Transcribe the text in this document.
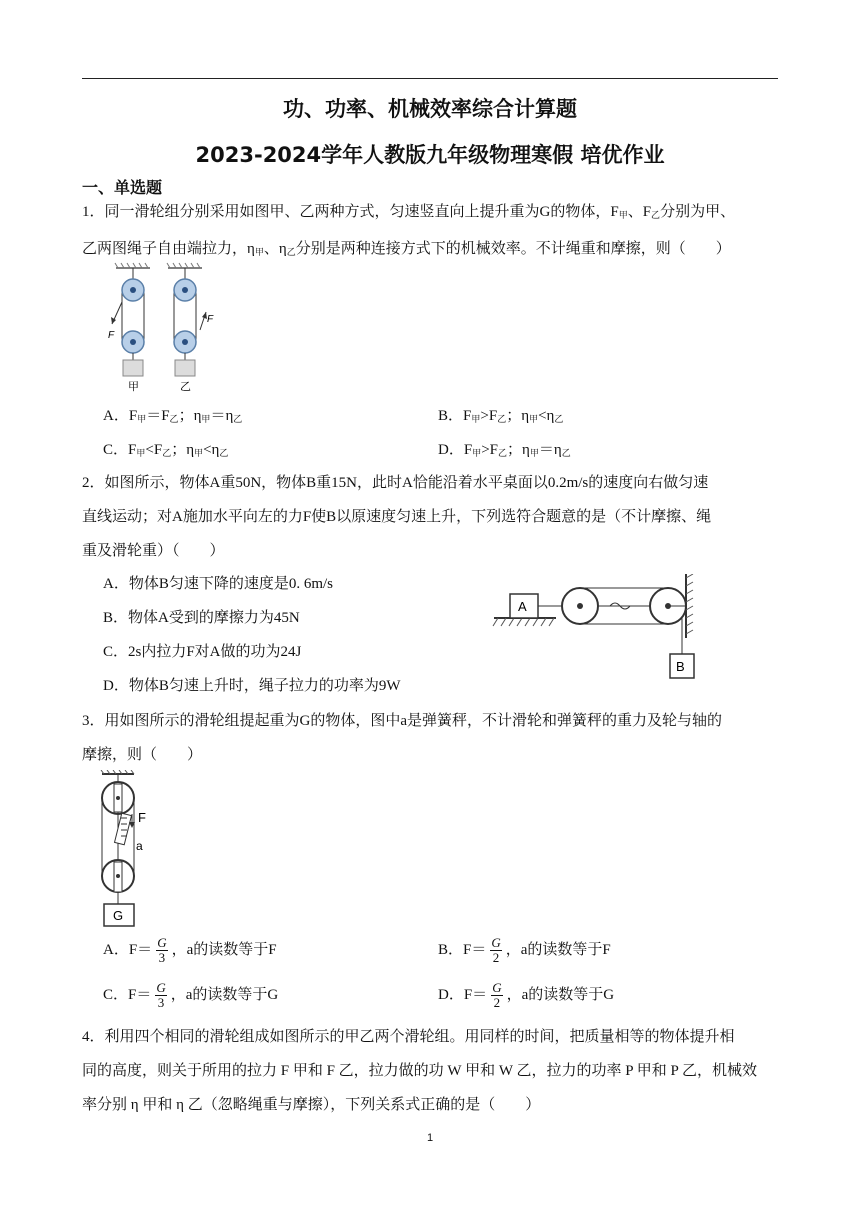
功、功率、机械效率综合计算题
2023-2024学年人教版九年级物理寒假 培优作业
一、单选题
1．同一滑轮组分别采用如图甲、乙两种方式，匀速竖直向上提升重为G的物体，$F_甲$、$F_乙$分别为甲、
乙两图绳子自由端拉力，$\eta_甲$、$\eta_乙$分别是两种连接方式下的机械效率。不计绳重和摩擦，则（　　）
F
F
甲	乙
A．$F_甲=F_乙$；$\eta_甲=\eta_乙$	B．$F_甲>F_乙$；$\eta_甲<\eta_乙$
C．$F_甲<F_乙$；$\eta_甲<\eta_乙$	D．$F_甲>F_乙$；$\eta_甲=\eta_乙$
2．如图所示，物体A重50N，物体B重15N，此时A恰能沿着水平桌面以0.2m/s的速度向右做匀速
直线运动；对A施加水平向左的力F使B以原速度匀速上升，下列选符合题意的是（不计摩擦、绳
重及滑轮重）（　　）
A．物体B匀速下降的速度是0. 6m/s
B．物体A受到的摩擦力为45N
C．2s内拉力F对A做的功为24J
D．物体B匀速上升时，绳子拉力的功率为9W
A
B
3．用如图所示的滑轮组提起重为G的物体，图中a是弹簧秤，不计滑轮和弹簧秤的重力及轮与轴的
摩擦，则（　　）
F
a
G
A．$F= \frac{G}{3}$ ，a的读数等于F	B．$F= \frac{G}{2}$ ，a的读数等于F
C．$F= \frac{G}{3}$ ，a的读数等于G	D．$F= \frac{G}{2}$ ，a的读数等于G
4．利用四个相同的滑轮组成如图所示的甲乙两个滑轮组。用同样的时间，把质量相等的物体提升相
同的高度，则关于所用的拉力 F 甲和 F 乙，拉力做的功 W 甲和 W 乙，拉力的功率 P 甲和 P 乙，机械效
率分别 η 甲和 η 乙（忽略绳重与摩擦），下列关系式正确的是（　　）
1
